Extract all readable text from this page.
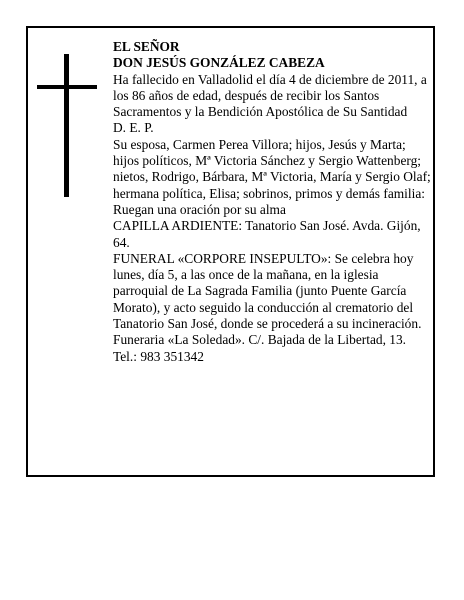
EL SEÑOR

DON JESÚS GONZÁLEZ CABEZA

Ha fallecido en Valladolid el día 4 de diciembre de 2011, a los 86 años de edad, después de recibir los Santos Sacramentos y la Bendición Apostólica de Su Santidad

D. E. P.

Su esposa, Carmen Perea Villora; hijos, Jesús y Marta; hijos políticos, Mª Victoria Sánchez y Sergio Wattenberg; nietos, Rodrigo, Bárbara, Mª Victoria, María y Sergio Olaf; hermana política, Elisa; sobrinos, primos y demás familia:

Ruegan una oración por su alma

CAPILLA ARDIENTE: Tanatorio San José. Avda. Gijón, 64.

FUNERAL «CORPORE INSEPULTO»: Se celebra hoy lunes, día 5, a las once de la mañana, en la iglesia parroquial de La Sagrada Familia (junto Puente García Morato), y acto seguido la conducción al crematorio del Tanatorio San José, donde se procederá a su incineración.

Funeraria «La Soledad». C/. Bajada de la Libertad, 13. Tel.: 983 351342
